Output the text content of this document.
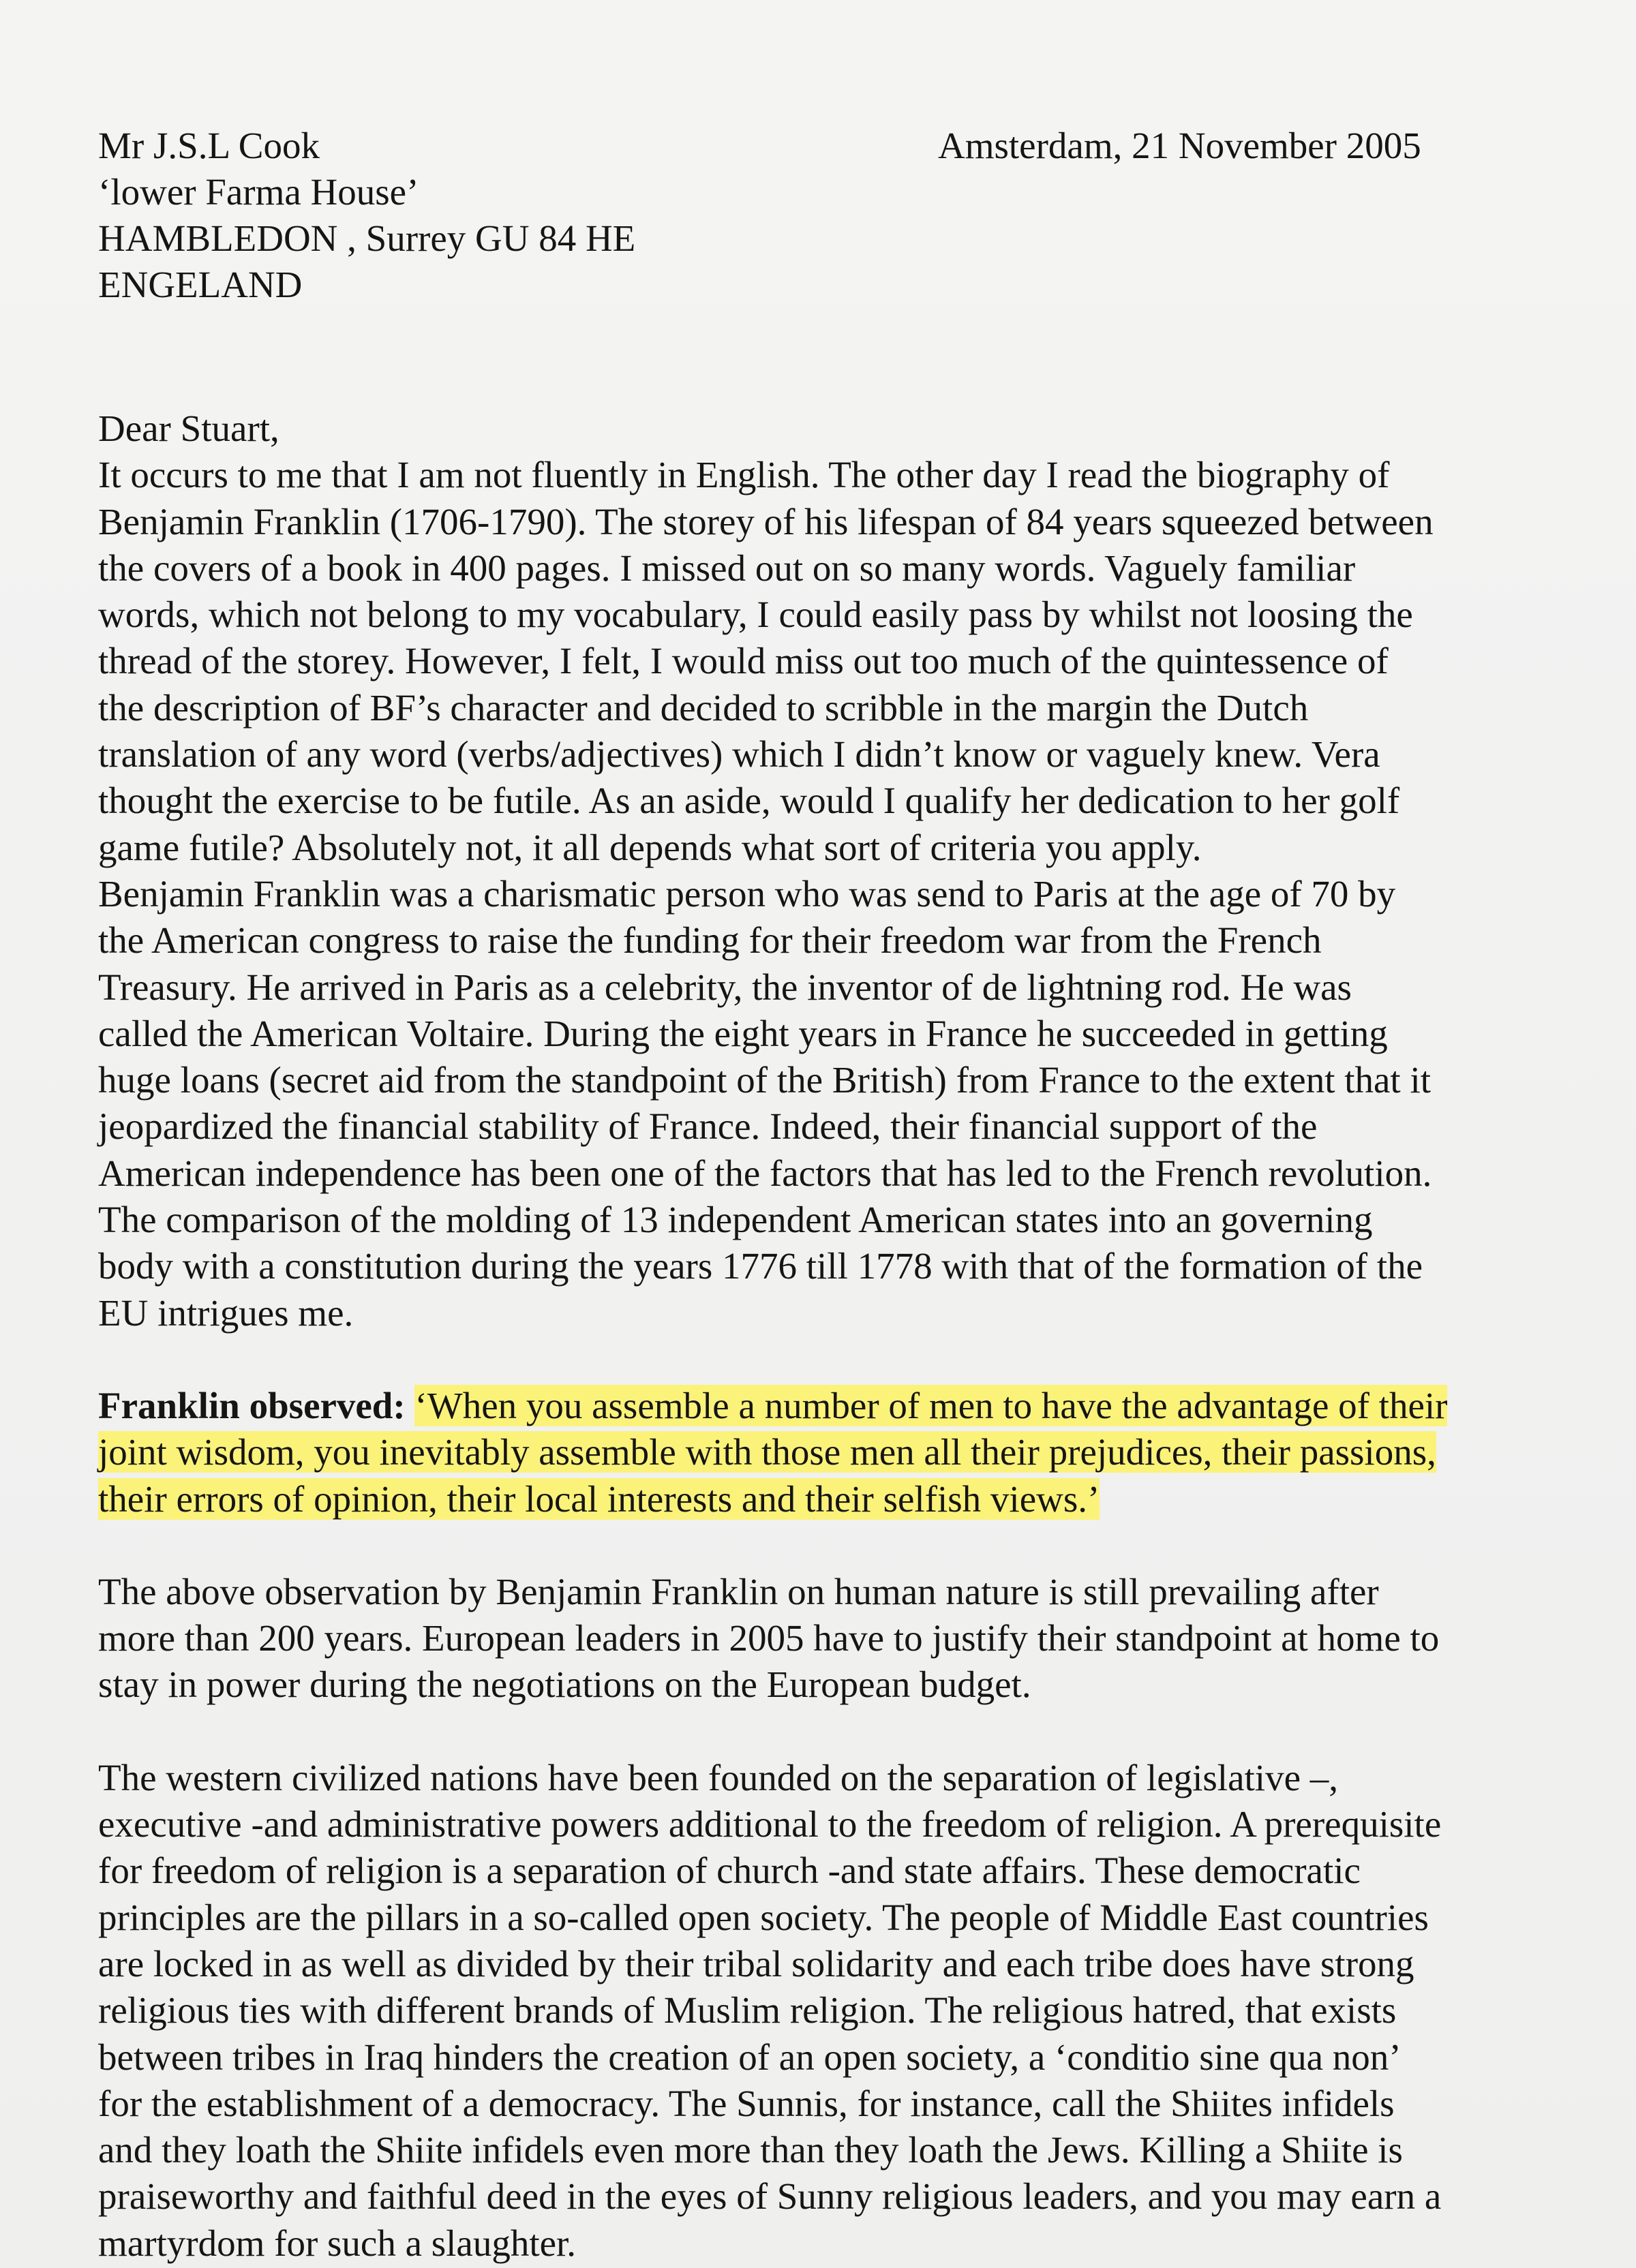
Mr J.S.L Cook
‘lower Farma House’
HAMBLEDON , Surrey GU 84 HE
ENGELAND
Amsterdam, 21 November 2005
Dear Stuart,
It occurs to me that I am not fluently in English. The other day I read the biography of
Benjamin Franklin (1706-1790). The storey of his lifespan of 84 years squeezed between
the covers of a book in 400 pages. I missed out on so many words. Vaguely familiar
words, which not belong to my vocabulary, I could easily pass by whilst not loosing the
thread of the storey. However, I felt, I would miss out too much of the quintessence of
the description of BF’s character and decided to scribble in the margin the Dutch
translation of any word (verbs/adjectives) which I didn’t know or vaguely knew. Vera
thought the exercise to be futile. As an aside, would I qualify her dedication to her golf
game futile? Absolutely not, it all depends what sort of criteria you apply.
Benjamin Franklin was a charismatic person who was send to Paris at the age of 70 by
the American congress to raise the funding for their freedom war from the French
Treasury. He arrived in Paris as a celebrity, the inventor of de lightning rod. He was
called the American Voltaire. During the eight years in France he succeeded in getting
huge loans (secret aid from the standpoint of the British) from France to the extent that it
jeopardized the financial stability of France. Indeed, their financial support of the
American independence has been one of the factors that has led to the French revolution.
The comparison of the molding of 13 independent American states into an governing
body with a constitution during the years 1776 till 1778 with that of the formation of the
EU intrigues me.
Franklin observed: ‘When you assemble a number of men to have the advantage of their
joint wisdom, you inevitably assemble with those men all their prejudices, their passions,
their errors of opinion, their local interests and their selfish views.’
The above observation by Benjamin Franklin on human nature is still prevailing after
more than 200 years. European leaders in 2005 have to justify their standpoint at home to
stay in power during the negotiations on the European budget.
The western civilized nations have been founded on the separation of legislative –,
executive -and administrative powers additional to the freedom of religion. A prerequisite
for freedom of religion is a separation of church -and state affairs. These democratic
principles are the pillars in a so-called open society. The people of Middle East countries
are locked in as well as divided by their tribal solidarity and each tribe does have strong
religious ties with different brands of Muslim religion. The religious hatred, that exists
between tribes in Iraq hinders the creation of an open society, a ‘conditio sine qua non’
for the establishment of a democracy. The Sunnis, for instance, call the Shiites infidels
and they loath the Shiite infidels even more than they loath the Jews. Killing a Shiite is
praiseworthy and faithful deed in the eyes of Sunny religious leaders, and you may earn a
martyrdom for such a slaughter.
